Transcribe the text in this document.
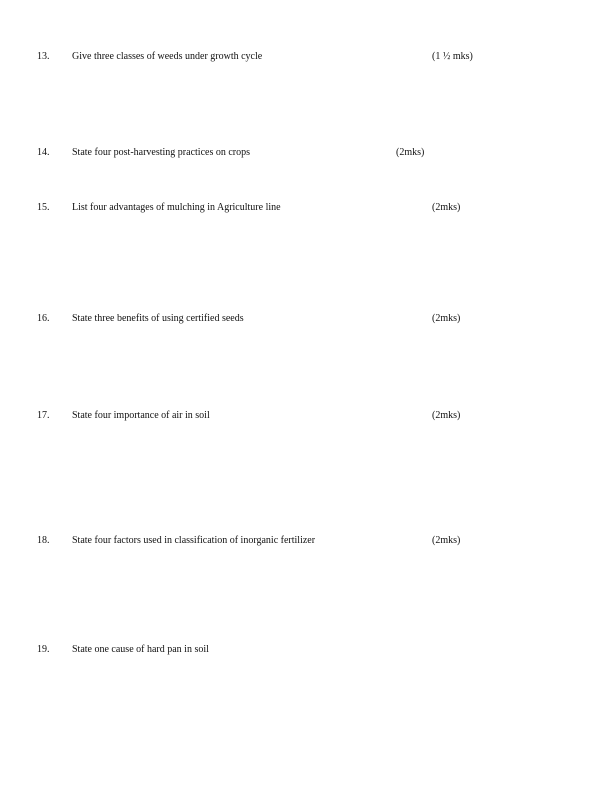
13. Give three classes of weeds under growth cycle	(1 ½ mks)
14. State four post-harvesting practices on crops	(2mks)
15. List four advantages of mulching in Agriculture line	(2mks)
16. State three benefits of using certified seeds	(2mks)
17. State four importance of air in soil	(2mks)
18. State four factors used in classification of inorganic fertilizer	(2mks)
19. State one cause of hard pan in soil
